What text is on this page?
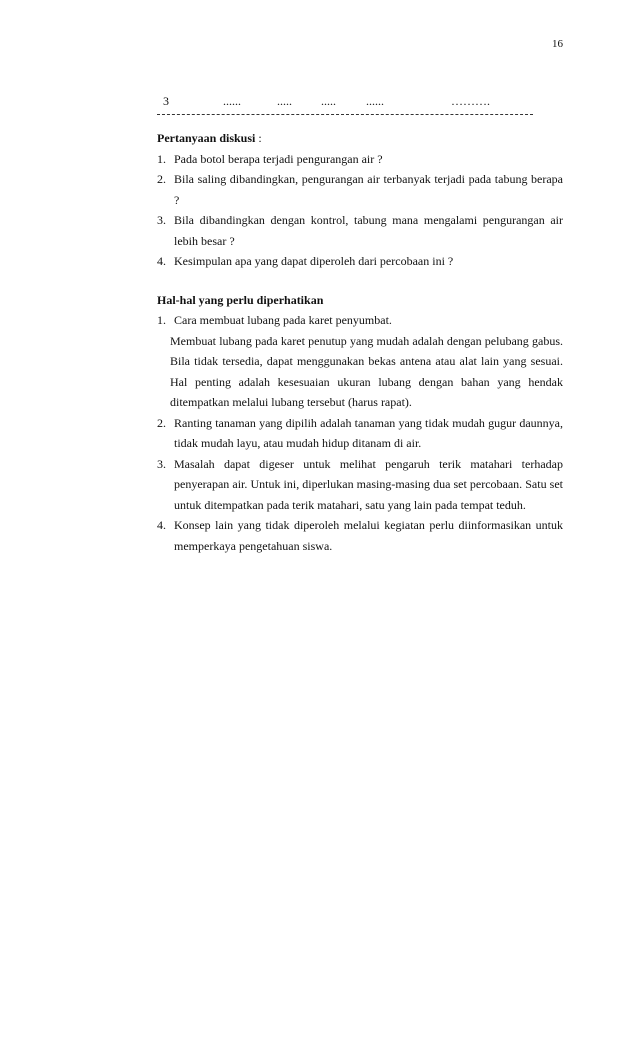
16
3	......	..... .....	......	……….

Pertanyaan diskusi :

1. Pada botol berapa terjadi pengurangan air ?
2. Bila saling dibandingkan, pengurangan air terbanyak terjadi pada tabung berapa ?
3. Bila dibandingkan dengan kontrol, tabung mana mengalami pengurangan air lebih besar ?
4. Kesimpulan apa yang dapat diperoleh dari percobaan ini ?

Hal-hal yang perlu diperhatikan

1. Cara membuat lubang pada karet penyumbat.
Membuat lubang pada karet penutup yang mudah adalah dengan pelubang gabus. Bila tidak tersedia, dapat menggunakan bekas antena atau alat lain yang sesuai. Hal penting adalah kesesuaian ukuran lubang dengan bahan yang hendak ditempatkan melalui lubang tersebut (harus rapat).
2. Ranting tanaman yang dipilih adalah tanaman yang tidak mudah gugur daunnya, tidak mudah layu, atau mudah hidup ditanam di air.
3. Masalah dapat digeser untuk melihat pengaruh terik matahari terhadap penyerapan air. Untuk ini, diperlukan masing-masing dua set percobaan. Satu set untuk ditempatkan pada terik matahari, satu yang lain pada tempat teduh.
4. Konsep lain yang tidak diperoleh melalui kegiatan perlu diinformasikan untuk memperkaya pengetahuan siswa.
